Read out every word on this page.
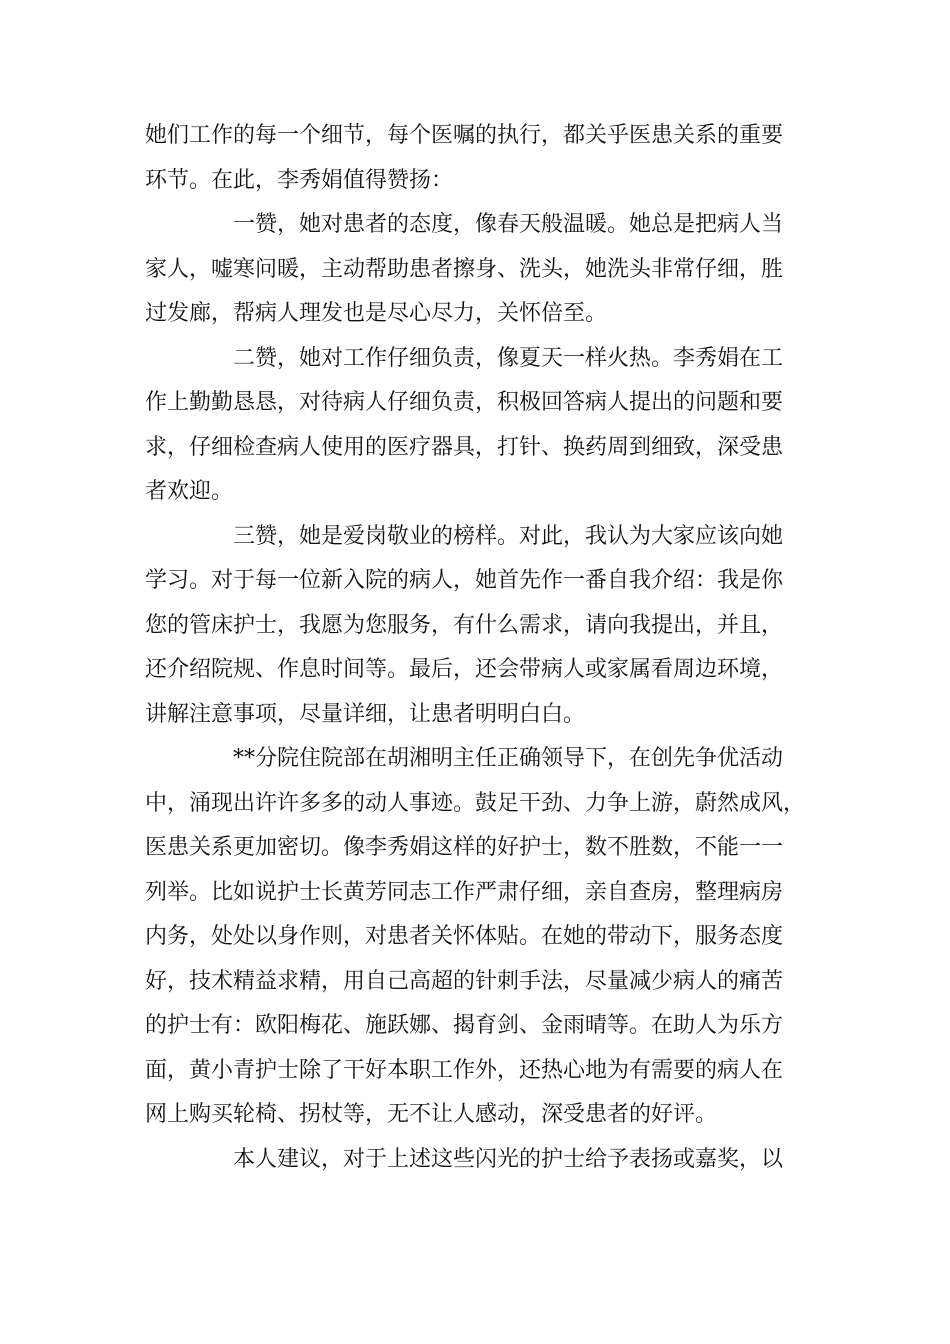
她们工作的每一个细节，每个医嘱的执行，都关乎医患关系的重要
环节。在此，李秀娟值得赞扬：
一赞，她对患者的态度，像春天般温暖。她总是把病人当
家人，嘘寒问暖，主动帮助患者擦身、洗头，她洗头非常仔细，胜
过发廊，帮病人理发也是尽心尽力，关怀倍至。
二赞，她对工作仔细负责，像夏天一样火热。李秀娟在工
作上勤勤恳恳，对待病人仔细负责，积极回答病人提出的问题和要
求，仔细检查病人使用的医疗器具，打针、换药周到细致，深受患
者欢迎。
三赞，她是爱岗敬业的榜样。对此，我认为大家应该向她
学习。对于每一位新入院的病人，她首先作一番自我介绍：我是你
您的管床护士，我愿为您服务，有什么需求，请向我提出，并且，
还介绍院规、作息时间等。最后，还会带病人或家属看周边环境，
讲解注意事项，尽量详细，让患者明明白白。
**分院住院部在胡湘明主任正确领导下，在创先争优活动
中，涌现出许许多多的动人事迹。鼓足干劲、力争上游，蔚然成风，
医患关系更加密切。像李秀娟这样的好护士，数不胜数，不能一一
列举。比如说护士长黄芳同志工作严肃仔细，亲自查房，整理病房
内务，处处以身作则，对患者关怀体贴。在她的带动下，服务态度
好，技术精益求精，用自己高超的针刺手法，尽量减少病人的痛苦
的护士有：欧阳梅花、施跃娜、揭育剑、金雨晴等。在助人为乐方
面，黄小青护士除了干好本职工作外，还热心地为有需要的病人在
网上购买轮椅、拐杖等，无不让人感动，深受患者的好评。
本人建议，对于上述这些闪光的护士给予表扬或嘉奖，以
